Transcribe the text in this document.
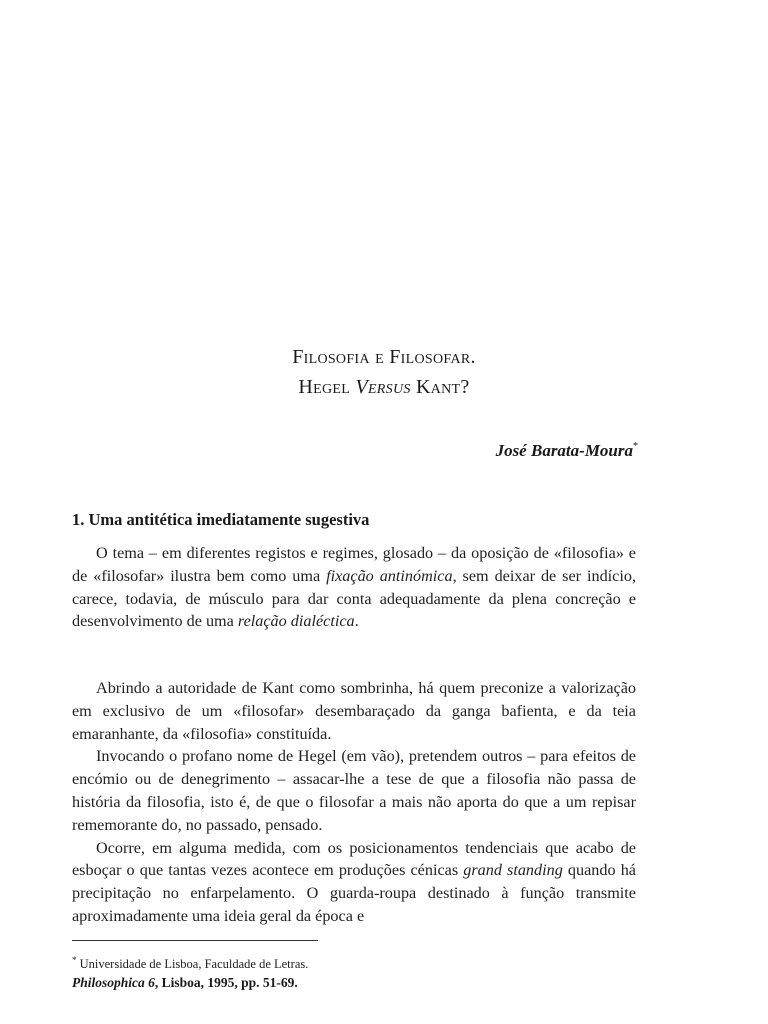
Filosofia e Filosofar.
Hegel Versus Kant?
José Barata-Moura*
1. Uma antitética imediatamente sugestiva

O tema – em diferentes registos e regimes, glosado – da oposição de «filosofia» e de «filosofar» ilustra bem como uma fixação antinómica, sem deixar de ser indício, carece, todavia, de músculo para dar conta adequadamente da plena concreção e desenvolvimento de uma relação dialéctica.

Abrindo a autoridade de Kant como sombrinha, há quem preconize a valorização em exclusivo de um «filosofar» desembaraçado da ganga bafienta, e da teia emaranhante, da «filosofia» constituída.

Invocando o profano nome de Hegel (em vão), pretendem outros – para efeitos de encómio ou de denegrimento – assacar-lhe a tese de que a filosofia não passa de história da filosofia, isto é, de que o filosofar a mais não aporta do que a um repisar rememorante do, no passado, pensado.

Ocorre, em alguma medida, com os posicionamentos tendenciais que acabo de esboçar o que tantas vezes acontece em produções cénicas grand standing quando há precipitação no enfarpelamento. O guarda-roupa destinado à função transmite aproximadamente uma ideia geral da época e

* Universidade de Lisboa, Faculdade de Letras.
Philosophica 6, Lisboa, 1995, pp. 51-69.
